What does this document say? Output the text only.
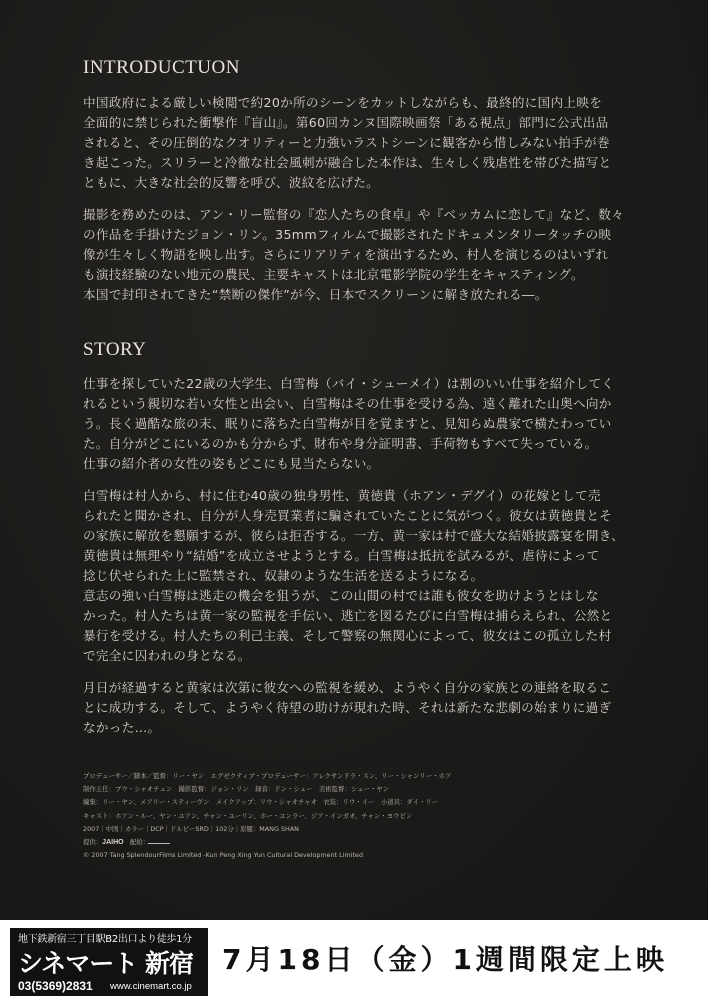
INTRODUCTUON

中国政府による厳しい検閲で約20か所のシーンをカットしながらも、最終的に国内上映を
全面的に禁じられた衝撃作『盲山』。第60回カンヌ国際映画祭「ある視点」部門に公式出品
されると、その圧倒的なクオリティーと力強いラストシーンに観客から惜しみない拍手が巻
き起こった。スリラーと冷徹な社会風刺が融合した本作は、生々しく残虐性を帯びた描写と
ともに、大きな社会的反響を呼び、波紋を広げた。

撮影を務めたのは、アン・リー監督の『恋人たちの食卓』や『ベッカムに恋して』など、数々
の作品を手掛けたジョン・リン。35mmフィルムで撮影されたドキュメンタリータッチの映
像が生々しく物語を映し出す。さらにリアリティを演出するため、村人を演じるのはいずれ
も演技経験のない地元の農民、主要キャストは北京電影学院の学生をキャスティング。
本国で封印されてきた“禁断の傑作”が今、日本でスクリーンに解き放たれる―。

STORY

仕事を探していた22歳の大学生、白雪梅（バイ・シューメイ）は割のいい仕事を紹介してく
れるという親切な若い女性と出会い、白雪梅はその仕事を受ける為、遠く離れた山奥へ向か
う。長く過酷な旅の末、眠りに落ちた白雪梅が目を覚ますと、見知らぬ農家で横たわってい
た。自分がどこにいるのかも分からず、財布や身分証明書、手荷物もすべて失っている。
仕事の紹介者の女性の姿もどこにも見当たらない。

白雪梅は村人から、村に住む40歳の独身男性、黄徳貴（ホアン・デグイ）の花嫁として売
られたと聞かされ、自分が人身売買業者に騙されていたことに気がつく。彼女は黄徳貴とそ
の家族に解放を懇願するが、彼らは拒否する。一方、黄一家は村で盛大な結婚披露宴を開き、
黄徳貴は無理やり“結婚”を成立させようとする。白雪梅は抵抗を試みるが、虐待によって
捻じ伏せられた上に監禁され、奴隷のような生活を送るようになる。
意志の強い白雪梅は逃走の機会を狙うが、この山間の村では誰も彼女を助けようとはしな
かった。村人たちは黄一家の監視を手伝い、逃亡を図るたびに白雪梅は捕らえられ、公然と
暴行を受ける。村人たちの利己主義、そして警察の無関心によって、彼女はこの孤立した村
で完全に囚われの身となる。

月日が経過すると黄家は次第に彼女への監視を緩め、ようやく自分の家族との連絡を取るこ
とに成功する。そして、ようやく待望の助けが現れた時、それは新たな悲劇の始まりに過ぎ
なかった…。

プロデューサー／脚本／監督：リー・ヤン　エグゼクティブ・プロデューサー：アレクサンドラ・スン、リー・シャンリー・ホア
制作主任：ブウ・シャオチュン　撮影監督：ジョン・リン　録音：ドン・シュー　美術監督：シュー・ヤン
編集：リー・ヤン、メアリー・スティーヴン　メイクアップ：リウ・シャオチャオ　衣装：リウ・イー　小道具：ダイ・リー
キャスト：ホアン・ルー、ヤン・ユアン、チャン・ユーリン、ホー・ユンラー、ジア・インガオ、チャン・ヨウビン
2007｜中国｜カラー｜DCP｜ドルビーSRD｜102分｜原題：MANG SHAN
提供：JAIHO　 配給：
© 2007 Tang SplendourFilms Limited -Kun Peng Xing Yun Cultural Development Limited
地下鉄新宿三丁目駅B2出口より徒歩1分
シネマート 新宿
03(5369)2831 www.cinemart.co.jp
7月18日（金）1週間限定上映
